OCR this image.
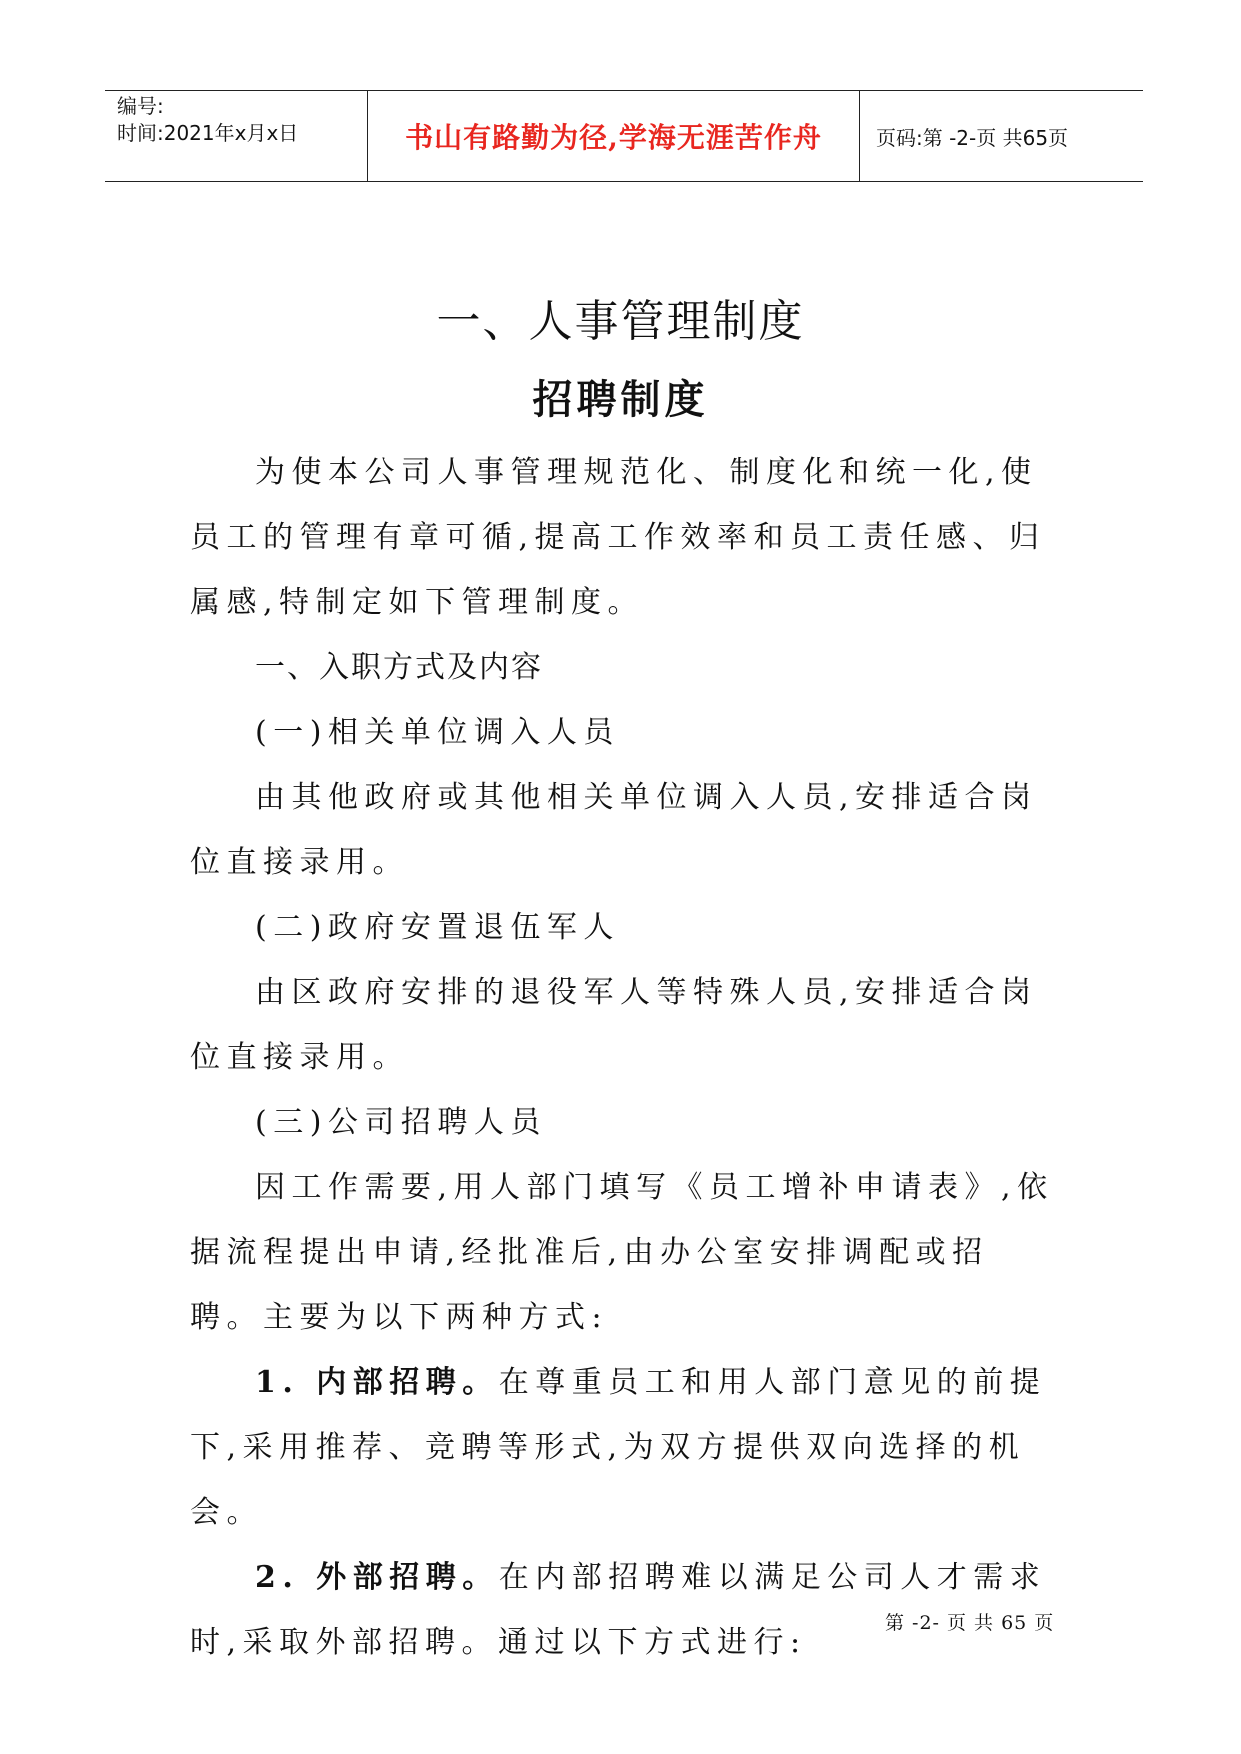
编号:
时间:2021年x月x日	书山有路勤为径,学海无涯苦作舟	页码:第 -2-页 共65页
一、人事管理制度
招聘制度

为使本公司人事管理规范化、制度化和统一化,使员工的管理有章可循,提高工作效率和员工责任感、归属感,特制定如下管理制度。

一、入职方式及内容

(一)相关单位调入人员

由其他政府或其他相关单位调入人员,安排适合岗位直接录用。

(二)政府安置退伍军人

由区政府安排的退役军人等特殊人员,安排适合岗位直接录用。

(三)公司招聘人员

因工作需要,用人部门填写《员工增补申请表》,依据流程提出申请,经批准后,由办公室安排调配或招聘。主要为以下两种方式:

1. 内部招聘。在尊重员工和用人部门意见的前提下,采用推荐、竞聘等形式,为双方提供双向选择的机会。

2. 外部招聘。在内部招聘难以满足公司人才需求时,采取外部招聘。通过以下方式进行:

第 -2- 页 共 65 页
